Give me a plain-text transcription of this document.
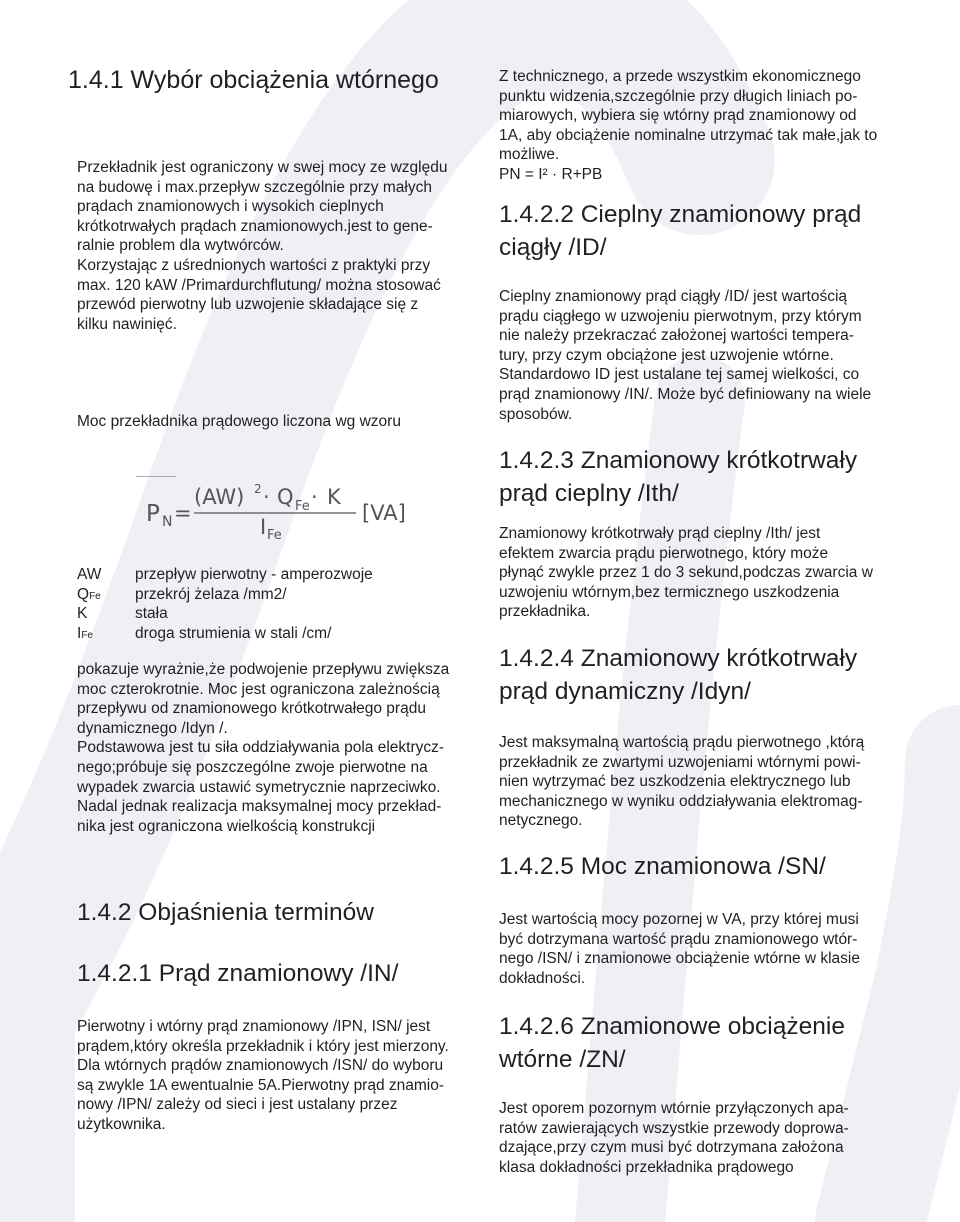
1.4.1 Wybór obciążenia wtórnego
Przekładnik jest ograniczony w swej mocy ze względu
na budowę i max.przepływ szczególnie przy małych
prądach znamionowych i wysokich cieplnych
krótkotrwałych prądach znamionowych.jest to gene-
ralnie problem dla wytwórców.
Korzystając z uśrednionych wartości z praktyki przy
max. 120 kAW /Primardurchflutung/ można stosować
przewód pierwotny lub uzwojenie składające się z
kilku nawinięć.
Moc przekładnika prądowego liczona wg wzoru
P N =
(AW) 2 · Q Fe · K
I Fe
[VA]
AW przepływ pierwotny - amperozwoje
QFe przekrój żelaza /mm2/
K	stała
IFe	droga strumienia w stali /cm/
pokazuje wyrażnie,że podwojenie przepływu zwiększa
moc czterokrotnie. Moc jest ograniczona zależnością
przepływu od znamionowego krótkotrwałego prądu
dynamicznego /Idyn /.
Podstawowa jest tu siła oddziaływania pola elektrycz-
nego;próbuje się poszczególne zwoje pierwotne na
wypadek zwarcia ustawić symetrycznie naprzeciwko.
Nadal jednak realizacja maksymalnej mocy przekład-
nika jest ograniczona wielkością konstrukcji
1.4.2 Objaśnienia terminów
1.4.2.1 Prąd znamionowy /IN/
Pierwotny i wtórny prąd znamionowy /IPN, ISN/ jest
prądem,który określa przekładnik i który jest mierzony.
Dla wtórnych prądów znamionowych /ISN/ do wyboru
są zwykle 1A ewentualnie 5A.Pierwotny prąd znamio-
nowy /IPN/ zależy od sieci i jest ustalany przez
użytkownika.
Z technicznego, a przede wszystkim ekonomicznego
punktu widzenia,szczególnie przy długich liniach po-
miarowych, wybiera się wtórny prąd znamionowy od
1A, aby obciążenie nominalne utrzymać tak małe,jak to
możliwe.
PN = I² · R+PB
1.4.2.2 Cieplny znamionowy prąd
ciągły /ID/
Cieplny znamionowy prąd ciągły /ID/ jest wartością
prądu ciągłego w uzwojeniu pierwotnym, przy którym
nie należy przekraczać założonej wartości tempera-
tury, przy czym obciążone jest uzwojenie wtórne.
Standardowo ID jest ustalane tej samej wielkości, co
prąd znamionowy /IN/. Może być definiowany na wiele
sposobów.
1.4.2.3 Znamionowy krótkotrwały
prąd cieplny /Ith/
Znamionowy krótkotrwały prąd cieplny /Ith/ jest
efektem zwarcia prądu pierwotnego, który może
płynąć zwykle przez 1 do 3 sekund,podczas zwarcia w
uzwojeniu wtórnym,bez termicznego uszkodzenia
przekładnika.
1.4.2.4 Znamionowy krótkotrwały
prąd dynamiczny /Idyn/
Jest maksymalną wartością prądu pierwotnego ,którą
przekładnik ze zwartymi uzwojeniami wtórnymi powi-
nien wytrzymać bez uszkodzenia elektrycznego lub
mechanicznego w wyniku oddziaływania elektromag-
netycznego.
1.4.2.5 Moc znamionowa /SN/
Jest wartością mocy pozornej w VA, przy której musi
być dotrzymana wartość prądu znamionowego wtór-
nego /ISN/ i znamionowe obciążenie wtórne w klasie
dokładności.
1.4.2.6 Znamionowe obciążenie
wtórne /ZN/
Jest oporem pozornym wtórnie przyłączonych apa-
ratów zawierających wszystkie przewody doprowa-
dzające,przy czym musi być dotrzymana założona
klasa dokładności przekładnika prądowego
